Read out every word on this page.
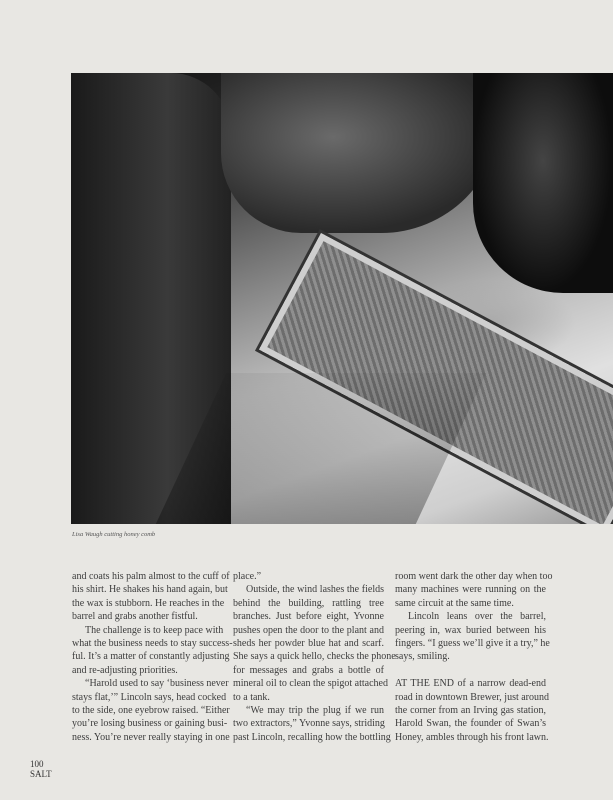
Lisa Waugh cutting honey comb
and coats his palm almost to the cuff of
his shirt. He shakes his hand again, but
the wax is stubborn. He reaches in the
barrel and grabs another fistful.
The challenge is to keep pace with
what the business needs to stay success-
ful. It’s a matter of constantly adjusting
and re-adjusting priorities.
“Harold used to say ‘business never
stays flat,’” Lincoln says, head cocked
to the side, one eyebrow raised. “Either
you’re losing business or gaining busi-
ness. You’re never really staying in one
place.”
Outside, the wind lashes the fields
behind the building, rattling tree
branches. Just before eight, Yvonne
pushes open the door to the plant and
sheds her powder blue hat and scarf.
She says a quick hello, checks the phone
for messages and grabs a bottle of
mineral oil to clean the spigot attached
to a tank.
“We may trip the plug if we run
two extractors,” Yvonne says, striding
past Lincoln, recalling how the bottling
room went dark the other day when too
many machines were running on the
same circuit at the same time.
Lincoln leans over the barrel,
peering in, wax buried between his
fingers. “I guess we’ll give it a try,” he
says, smiling.
AT THE END of a narrow dead-end
road in downtown Brewer, just around
the corner from an Irving gas station,
Harold Swan, the founder of Swan’s
Honey, ambles through his front lawn.
100
SALT
